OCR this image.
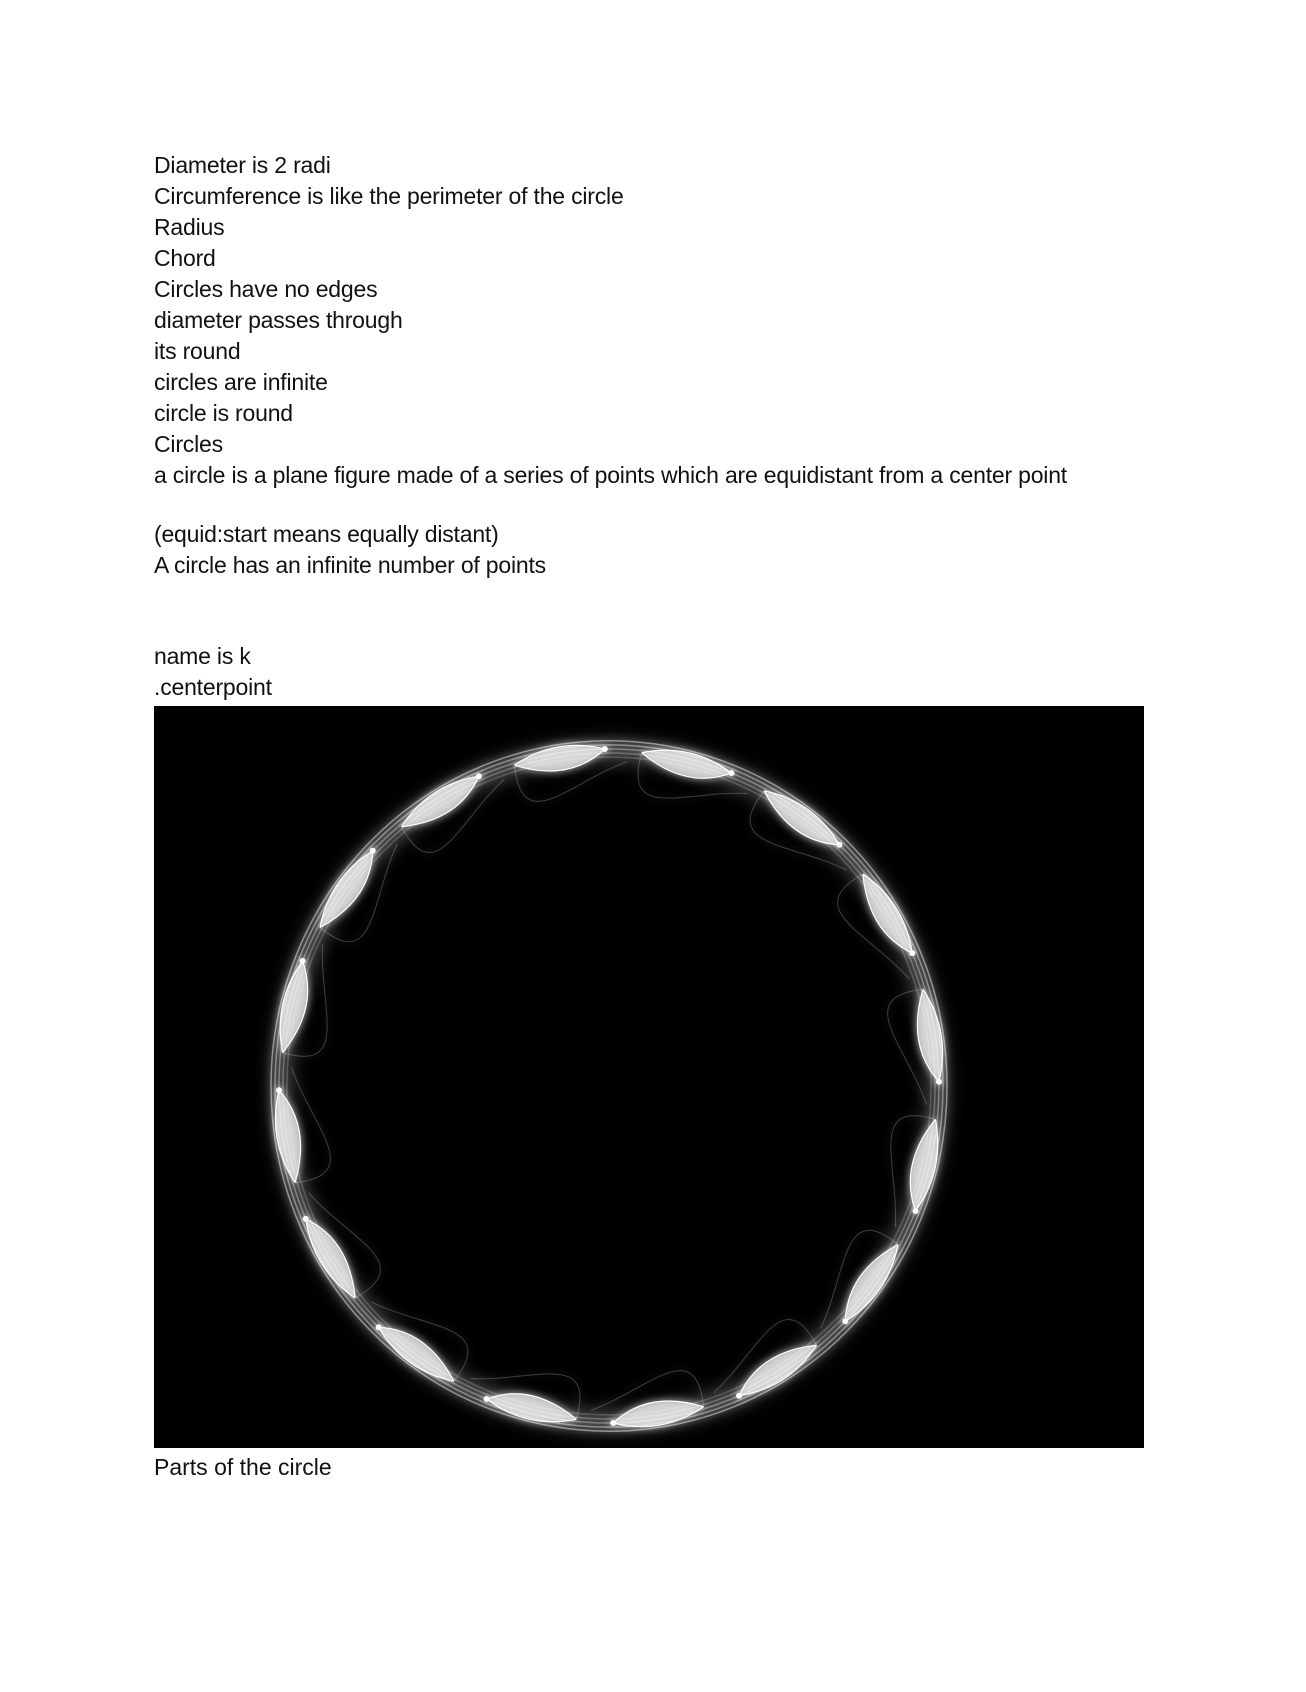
Diameter is 2 radi
Circumference is like the perimeter of the circle
Radius
Chord
Circles have no edges
diameter passes through
its round
circles are infinite
circle is round
Circles
a circle is a plane figure made of a series of points which are equidistant from a center point
(equid:start means equally distant)
A circle has an infinite number of points
name is k
.centerpoint
Parts of the circle
